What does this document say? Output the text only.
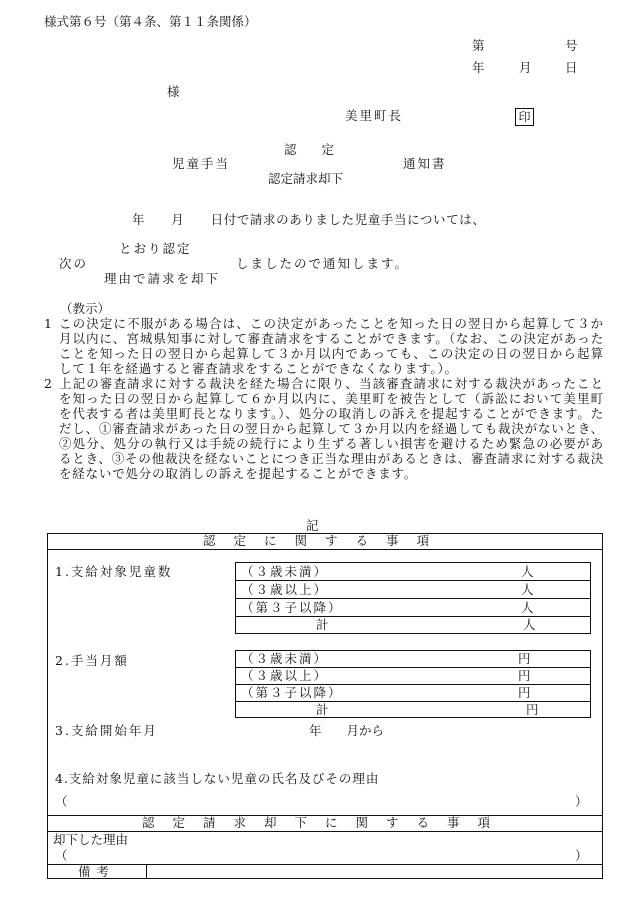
様式第６号（第４条、第１１条関係）
第	号
年	月	日
様
美里町長	印
認　　定
児童手当	通知書
認定請求却下
年　　月　　日付で請求のありました児童手当については、
とおり認定
次の	しましたので通知します。
理由で請求を却下
（教示）
1 この決定に不服がある場合は、この決定があったことを知った日の翌日から起算して３か月以内に、宮城県知事に対して審査請求をすることができます。（なお、この決定があったことを知った日の翌日から起算して３か月以内であっても、この決定の日の翌日から起算して１年を経過すると審査請求をすることができなくなります。）。
2 上記の審査請求に対する裁決を経た場合に限り、当該審査請求に対する裁決があったことを知った日の翌日から起算して６か月以内に、美里町を被告として（訴訟において美里町を代表する者は美里町長となります。）、処分の取消しの訴えを提起することができます。ただし、①審査請求があった日の翌日から起算して３か月以内を経過しても裁決がないとき、②処分、処分の執行又は手続の続行により生ずる著しい損害を避けるため緊急の必要があるとき、③その他裁決を経ないことにつき正当な理由があるときは、審査請求に対する裁決を経ないで処分の取消しの訴えを提起することができます。
記
認定に関する事項
1.支給対象児童数	（３歳未満）	人
（３歳以上）	人
（第３子以降）	人
計	人
2.手当月額	（３歳未満）	円
（３歳以上）	円
（第３子以降）	円
計	円
3.支給開始年月	年　　月から
4.支給対象児童に該当しない児童の氏名及びその理由
（	）
認定請求却下に関する事項
却下した理由
（	）
備考
